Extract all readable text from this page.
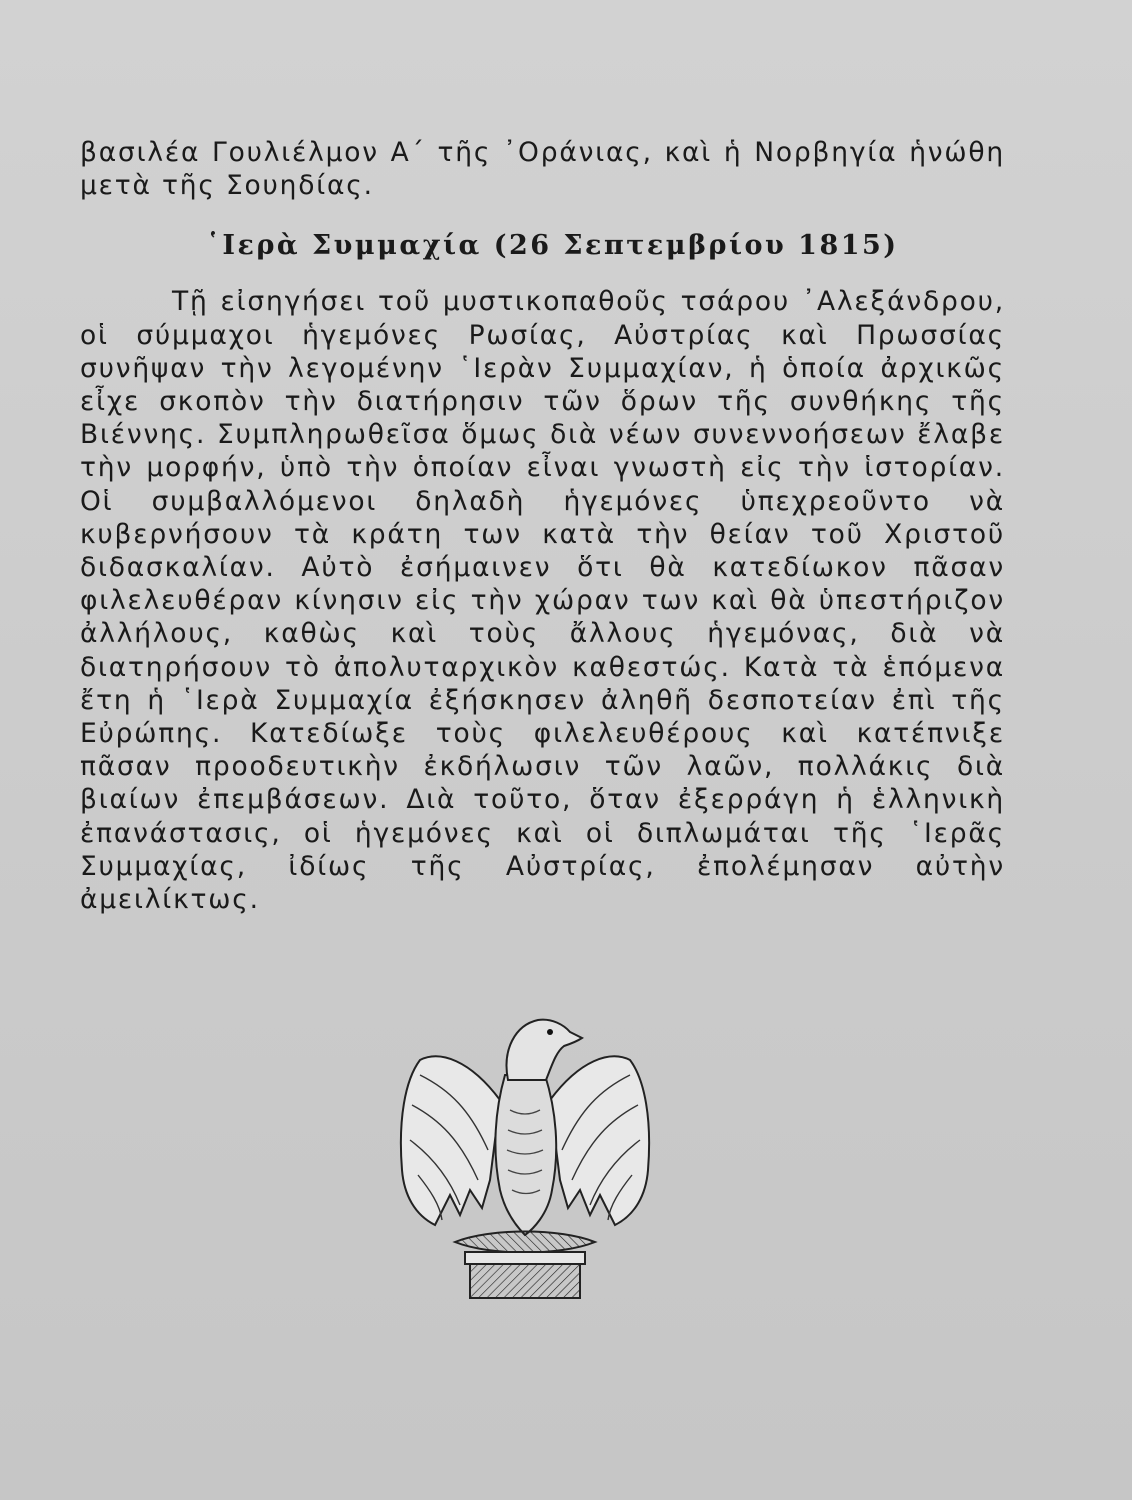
βασιλέα Γουλιέλμον Α΄ τῆς ᾿Οράνιας, καὶ ἡ Νορβηγία ἡνώθη μετὰ τῆς Σουηδίας.

῾Ιερὰ Συμμαχία (26 Σεπτεμβρίου 1815)

Τῇ εἰσηγήσει τοῦ μυστικοπαθοῦς τσάρου ᾿Αλεξάνδρου, οἱ σύμμαχοι ἡγεμόνες Ρωσίας, Αὐστρίας καὶ Πρωσσίας συνῆψαν τὴν λεγομένην ῾Ιερὰν Συμμαχίαν, ἡ ὁποία ἀρχικῶς εἶχε σκοπὸν τὴν διατήρησιν τῶν ὅρων τῆς συνθήκης τῆς Βιέννης. Συμπληρωθεῖσα ὅμως διὰ νέων συνεννοήσεων ἔλαβε τὴν μορφήν, ὑπὸ τὴν ὁποίαν εἶναι γνωστὴ εἰς τὴν ἱστορίαν. Οἱ συμβαλλόμενοι δηλαδὴ ἡγεμόνες ὑπεχρεοῦντο νὰ κυβερνήσουν τὰ κράτη των κατὰ τὴν θείαν τοῦ Χριστοῦ διδασκαλίαν. Αὐτὸ ἐσήμαινεν ὅτι θὰ κατεδίωκον πᾶσαν φιλελευθέραν κίνησιν εἰς τὴν χώραν των καὶ θὰ ὑπεστήριζον ἀλλήλους, καθὼς καὶ τοὺς ἄλλους ἡγεμόνας, διὰ νὰ διατηρήσουν τὸ ἀπολυταρχικὸν καθεστώς. Κατὰ τὰ ἑπόμενα ἔτη ἡ ῾Ιερὰ Συμμαχία ἐξήσκησεν ἀληθῆ δεσποτείαν ἐπὶ τῆς Εὐρώπης. Κατεδίωξε τοὺς φιλελευθέρους καὶ κατέπνιξε πᾶσαν προοδευτικὴν ἐκδήλωσιν τῶν λαῶν, πολλάκις διὰ βιαίων ἐπεμβάσεων. Διὰ τοῦτο, ὅταν ἐξερράγη ἡ ἑλληνικὴ ἐπανάστασις, οἱ ἡγεμόνες καὶ οἱ διπλωμάται τῆς ῾Ιερᾶς Συμμαχίας, ἰδίως τῆς Αὐστρίας, ἐπολέμησαν αὐτὴν ἀμειλίκτως.
